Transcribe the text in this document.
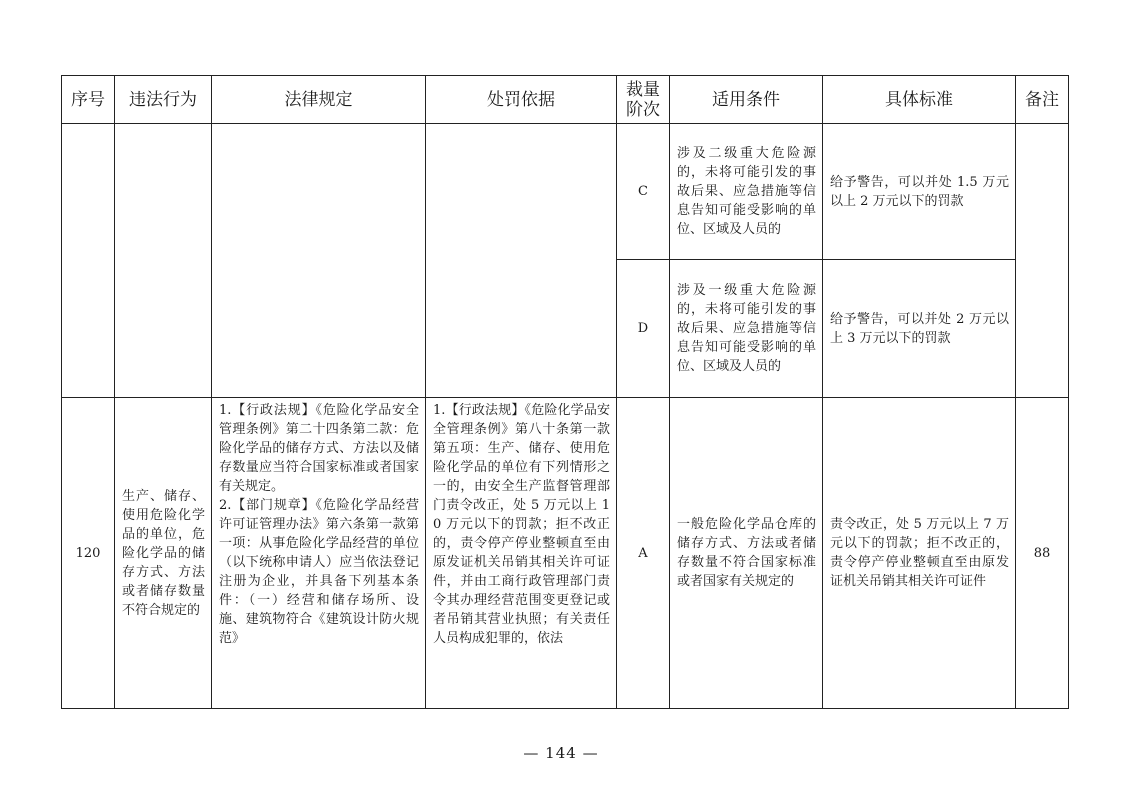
序号	违法行为	法律规定	处罚依据	裁量阶次	适用条件	具体标准	备注
				C	涉及二级重大危险源的，未将可能引发的事故后果、应急措施等信息告知可能受影响的单位、区域及人员的	给予警告，可以并处 1.5 万元以上 2 万元以下的罚款	

				D	涉及一级重大危险源的，未将可能引发的事故后果、应急措施等信息告知可能受影响的单位、区域及人员的	给予警告，可以并处 2 万元以上 3 万元以下的罚款	

120	生产、储存、使用危险化学品的单位，危险化学品的储存方式、方法或者储存数量不符合规定的	1.【行政法规】《危险化学品安全管理条例》第二十四条第二款：危险化学品的储存方式、方法以及储存数量应当符合国家标准或者国家有关规定。
2.【部门规章】《危险化学品经营许可证管理办法》第六条第一款第一项：从事危险化学品经营的单位（以下统称申请人）应当依法登记注册为企业，并具备下列基本条件：（一）经营和储存场所、设施、建筑物符合《建筑设计防火规范》	1.【行政法规】《危险化学品安全管理条例》第八十条第一款第五项：生产、储存、使用危险化学品的单位有下列情形之一的，由安全生产监督管理部门责令改正，处 5 万元以上 10 万元以下的罚款；拒不改正的，责令停产停业整顿直至由原发证机关吊销其相关许可证件，并由工商行政管理部门责令其办理经营范围变更登记或者吊销其营业执照；有关责任人员构成犯罪的，依法	A	一般危险化学品仓库的储存方式、方法或者储存数量不符合国家标准或者国家有关规定的	责令改正，处 5 万元以上 7 万元以下的罚款；拒不改正的，责令停产停业整顿直至由原发证机关吊销其相关许可证件	88
— 144 —
